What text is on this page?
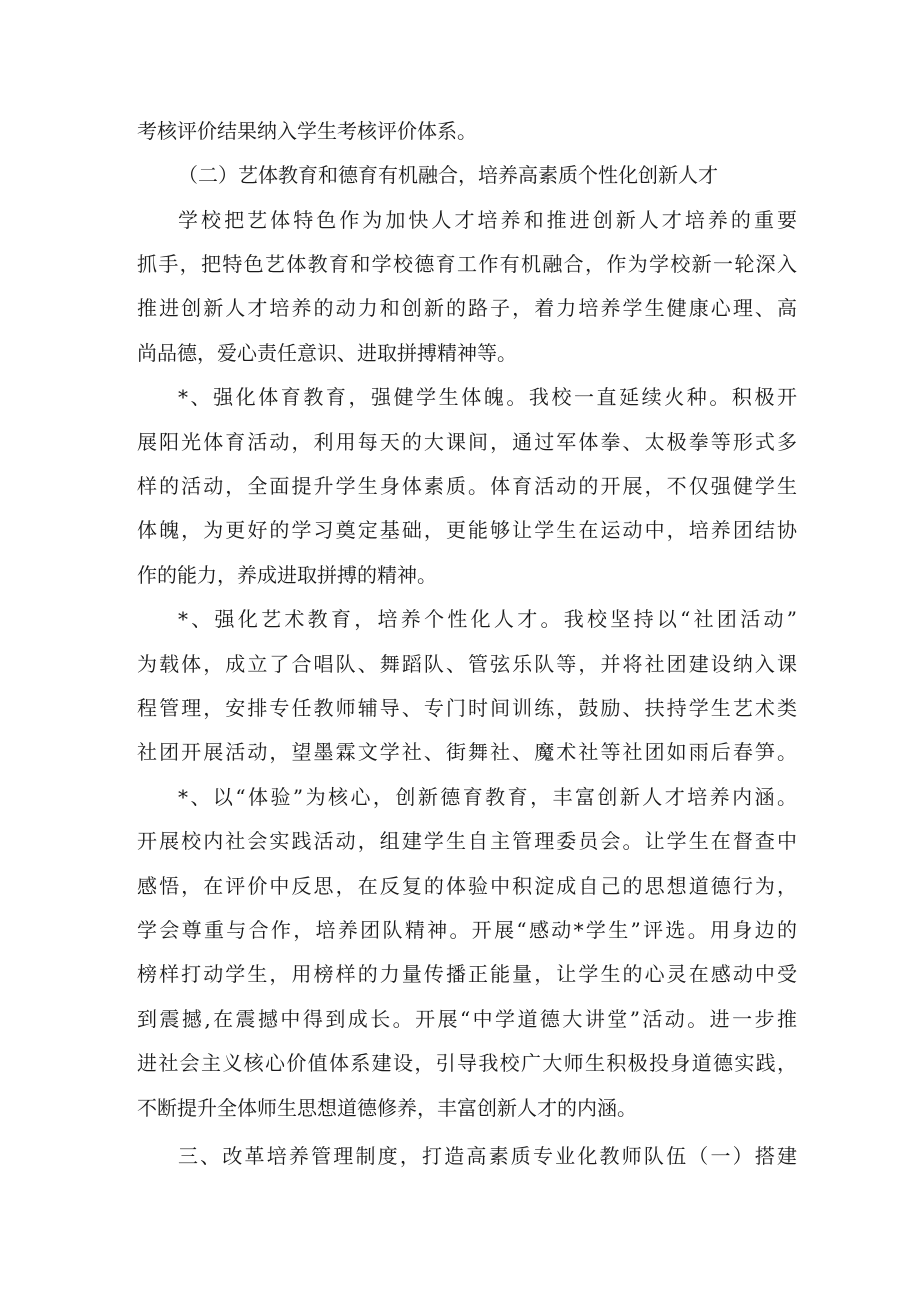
考核评价结果纳入学生考核评价体系。
（二）艺体教育和德育有机融合，培养高素质个性化创新人才
学校把艺体特色作为加快人才培养和推进创新人才培养的重要
抓手，把特色艺体教育和学校德育工作有机融合，作为学校新一轮深入
推进创新人才培养的动力和创新的路子，着力培养学生健康心理、高
尚品德，爱心责任意识、进取拼搏精神等。
*、强化体育教育，强健学生体魄。我校一直延续火种。积极开
展阳光体育活动，利用每天的大课间，通过军体拳、太极拳等形式多
样的活动，全面提升学生身体素质。体育活动的开展，不仅强健学生
体魄，为更好的学习奠定基础，更能够让学生在运动中，培养团结协
作的能力，养成进取拼搏的精神。
*、强化艺术教育，培养个性化人才。我校坚持以“社团活动”
为载体，成立了合唱队、舞蹈队、管弦乐队等，并将社团建设纳入课
程管理，安排专任教师辅导、专门时间训练，鼓励、扶持学生艺术类
社团开展活动，望墨霖文学社、街舞社、魔术社等社团如雨后春笋。
*、以“体验”为核心，创新德育教育，丰富创新人才培养内涵。
开展校内社会实践活动，组建学生自主管理委员会。让学生在督查中
感悟，在评价中反思，在反复的体验中积淀成自己的思想道德行为，
学会尊重与合作，培养团队精神。开展“感动*学生”评选。用身边的
榜样打动学生，用榜样的力量传播正能量，让学生的心灵在感动中受
到震撼,在震撼中得到成长。开展“中学道德大讲堂”活动。进一步推
进社会主义核心价值体系建设，引导我校广大师生积极投身道德实践，
不断提升全体师生思想道德修养，丰富创新人才的内涵。
三、改革培养管理制度，打造高素质专业化教师队伍（一）搭建
